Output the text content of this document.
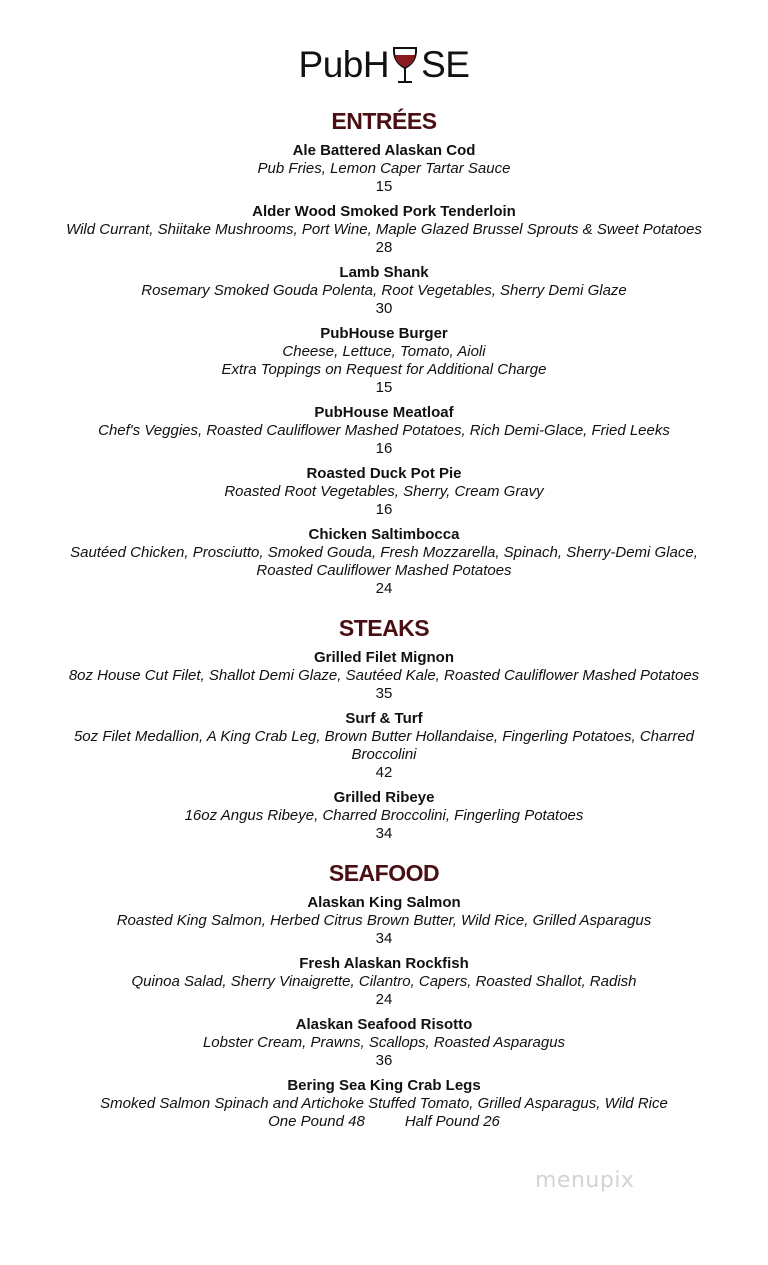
PubH SE
ENTRÉES

Ale Battered Alaskan Cod

Pub Fries, Lemon Caper Tartar Sauce

15

Alder Wood Smoked Pork Tenderloin

Wild Currant, Shiitake Mushrooms, Port Wine, Maple Glazed Brussel Sprouts & Sweet Potatoes

28

Lamb Shank

Rosemary Smoked Gouda Polenta, Root Vegetables, Sherry Demi Glaze

30

PubHouse Burger

Cheese, Lettuce, Tomato, Aioli

Extra Toppings on Request for Additional Charge

15

PubHouse Meatloaf

Chef's Veggies, Roasted Cauliflower Mashed Potatoes, Rich Demi-Glace, Fried Leeks

16

Roasted Duck Pot Pie

Roasted Root Vegetables, Sherry, Cream Gravy

16

Chicken Saltimbocca

Sautéed Chicken, Prosciutto, Smoked Gouda, Fresh Mozzarella, Spinach, Sherry-Demi Glace,

Roasted Cauliflower Mashed Potatoes

24

STEAKS

Grilled Filet Mignon

8oz House Cut Filet, Shallot Demi Glaze, Sautéed Kale, Roasted Cauliflower Mashed Potatoes

35

Surf & Turf

5oz Filet Medallion, A King Crab Leg, Brown Butter Hollandaise, Fingerling Potatoes, Charred

Broccolini

42

Grilled Ribeye

16oz Angus Ribeye, Charred Broccolini, Fingerling Potatoes

34

SEAFOOD

Alaskan King Salmon

Roasted King Salmon, Herbed Citrus Brown Butter, Wild Rice, Grilled Asparagus

34

Fresh Alaskan Rockfish

Quinoa Salad, Sherry Vinaigrette, Cilantro, Capers, Roasted Shallot, Radish

24

Alaskan Seafood Risotto

Lobster Cream, Prawns, Scallops, Roasted Asparagus

36

Bering Sea King Crab Legs

Smoked Salmon Spinach and Artichoke Stuffed Tomato, Grilled Asparagus, Wild Rice

One Pound 48	Half Pound 26

menupix
